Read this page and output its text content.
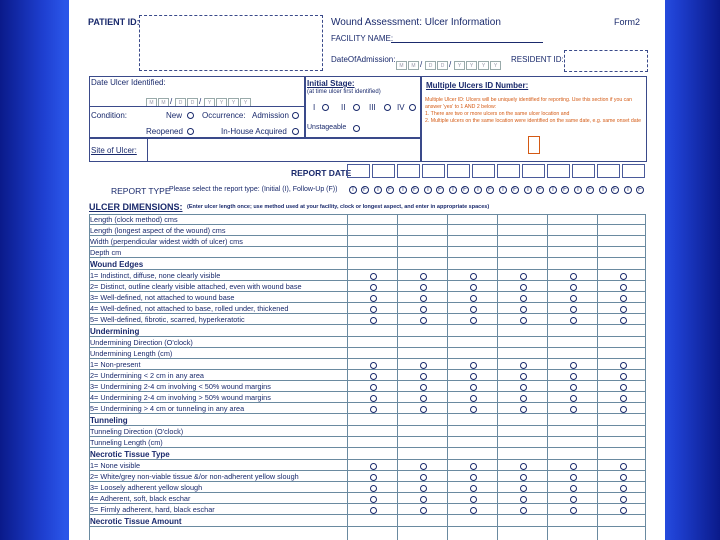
PATIENT ID:	Wound Assessment: Ulcer Information	Form2
FACILITY NAME:
DateOfAdmission:
M M / D D / Y Y Y Y
RESIDENT ID:
Date Ulcer Identified:
M M / D D / Y Y Y Y
Condition:	New
Reopened
Occurrence: Admission
In-House Acquired
Initial Stage:
(at time ulcer first identified)
I	II	III	IV
Unstageable
Multiple Ulcers ID Number:
Multiple Ulcer ID: Ulcers will be uniquely identified for reporting. Use this section if you can answer 'yes' to 1 AND 2 below:
1. There are two or more ulcers on the same ulcer location and
2. Multiple ulcers on the same location were identified on the same date, e.g. same onset date
Site of Ulcer:
REPORT DATE
REPORT TYPE
Please select the report type: (Initial (I), Follow-Up (F))	I	F	I	F	I	F	I	F	I	F	I	F	I	F	I	F	I	F	I	F	I	F	I	F
ULCER DIMENSIONS: (Enter ulcer length once; use method used at your facility, clock or longest aspect, and enter in appropriate spaces)
Length (clock method) cms
Length (longest aspect of the wound) cms
Width (perpendicular widest width of ulcer) cms
Depth cm
Wound Edges
1= Indistinct, diffuse, none clearly visible
2= Distinct, outline clearly visible attached, even with wound base
3= Well-defined, not attached to wound base
4= Well-defined, not attached to base, rolled under, thickened
5= Well-defined, fibrotic, scarred, hyperkeratotic
Undermining
Undermining Direction (O'clock)
Undermining Length (cm)
1= Non-present
2= Undermining < 2 cm in any area
3= Undermining 2-4 cm involving < 50% wound margins
4= Undermining 2-4 cm involving > 50% wound margins
5= Undermining > 4 cm or tunneling in any area
Tunneling
Tunneling Direction (O'clock)
Tunneling Length (cm)
Necrotic Tissue Type
1= None visible
2= White/grey non-viable tissue &/or non-adherent yellow slough
3= Loosely adherent yellow slough
4= Adherent, soft, black eschar
5= Firmly adherent, hard, black eschar
Necrotic Tissue Amount
